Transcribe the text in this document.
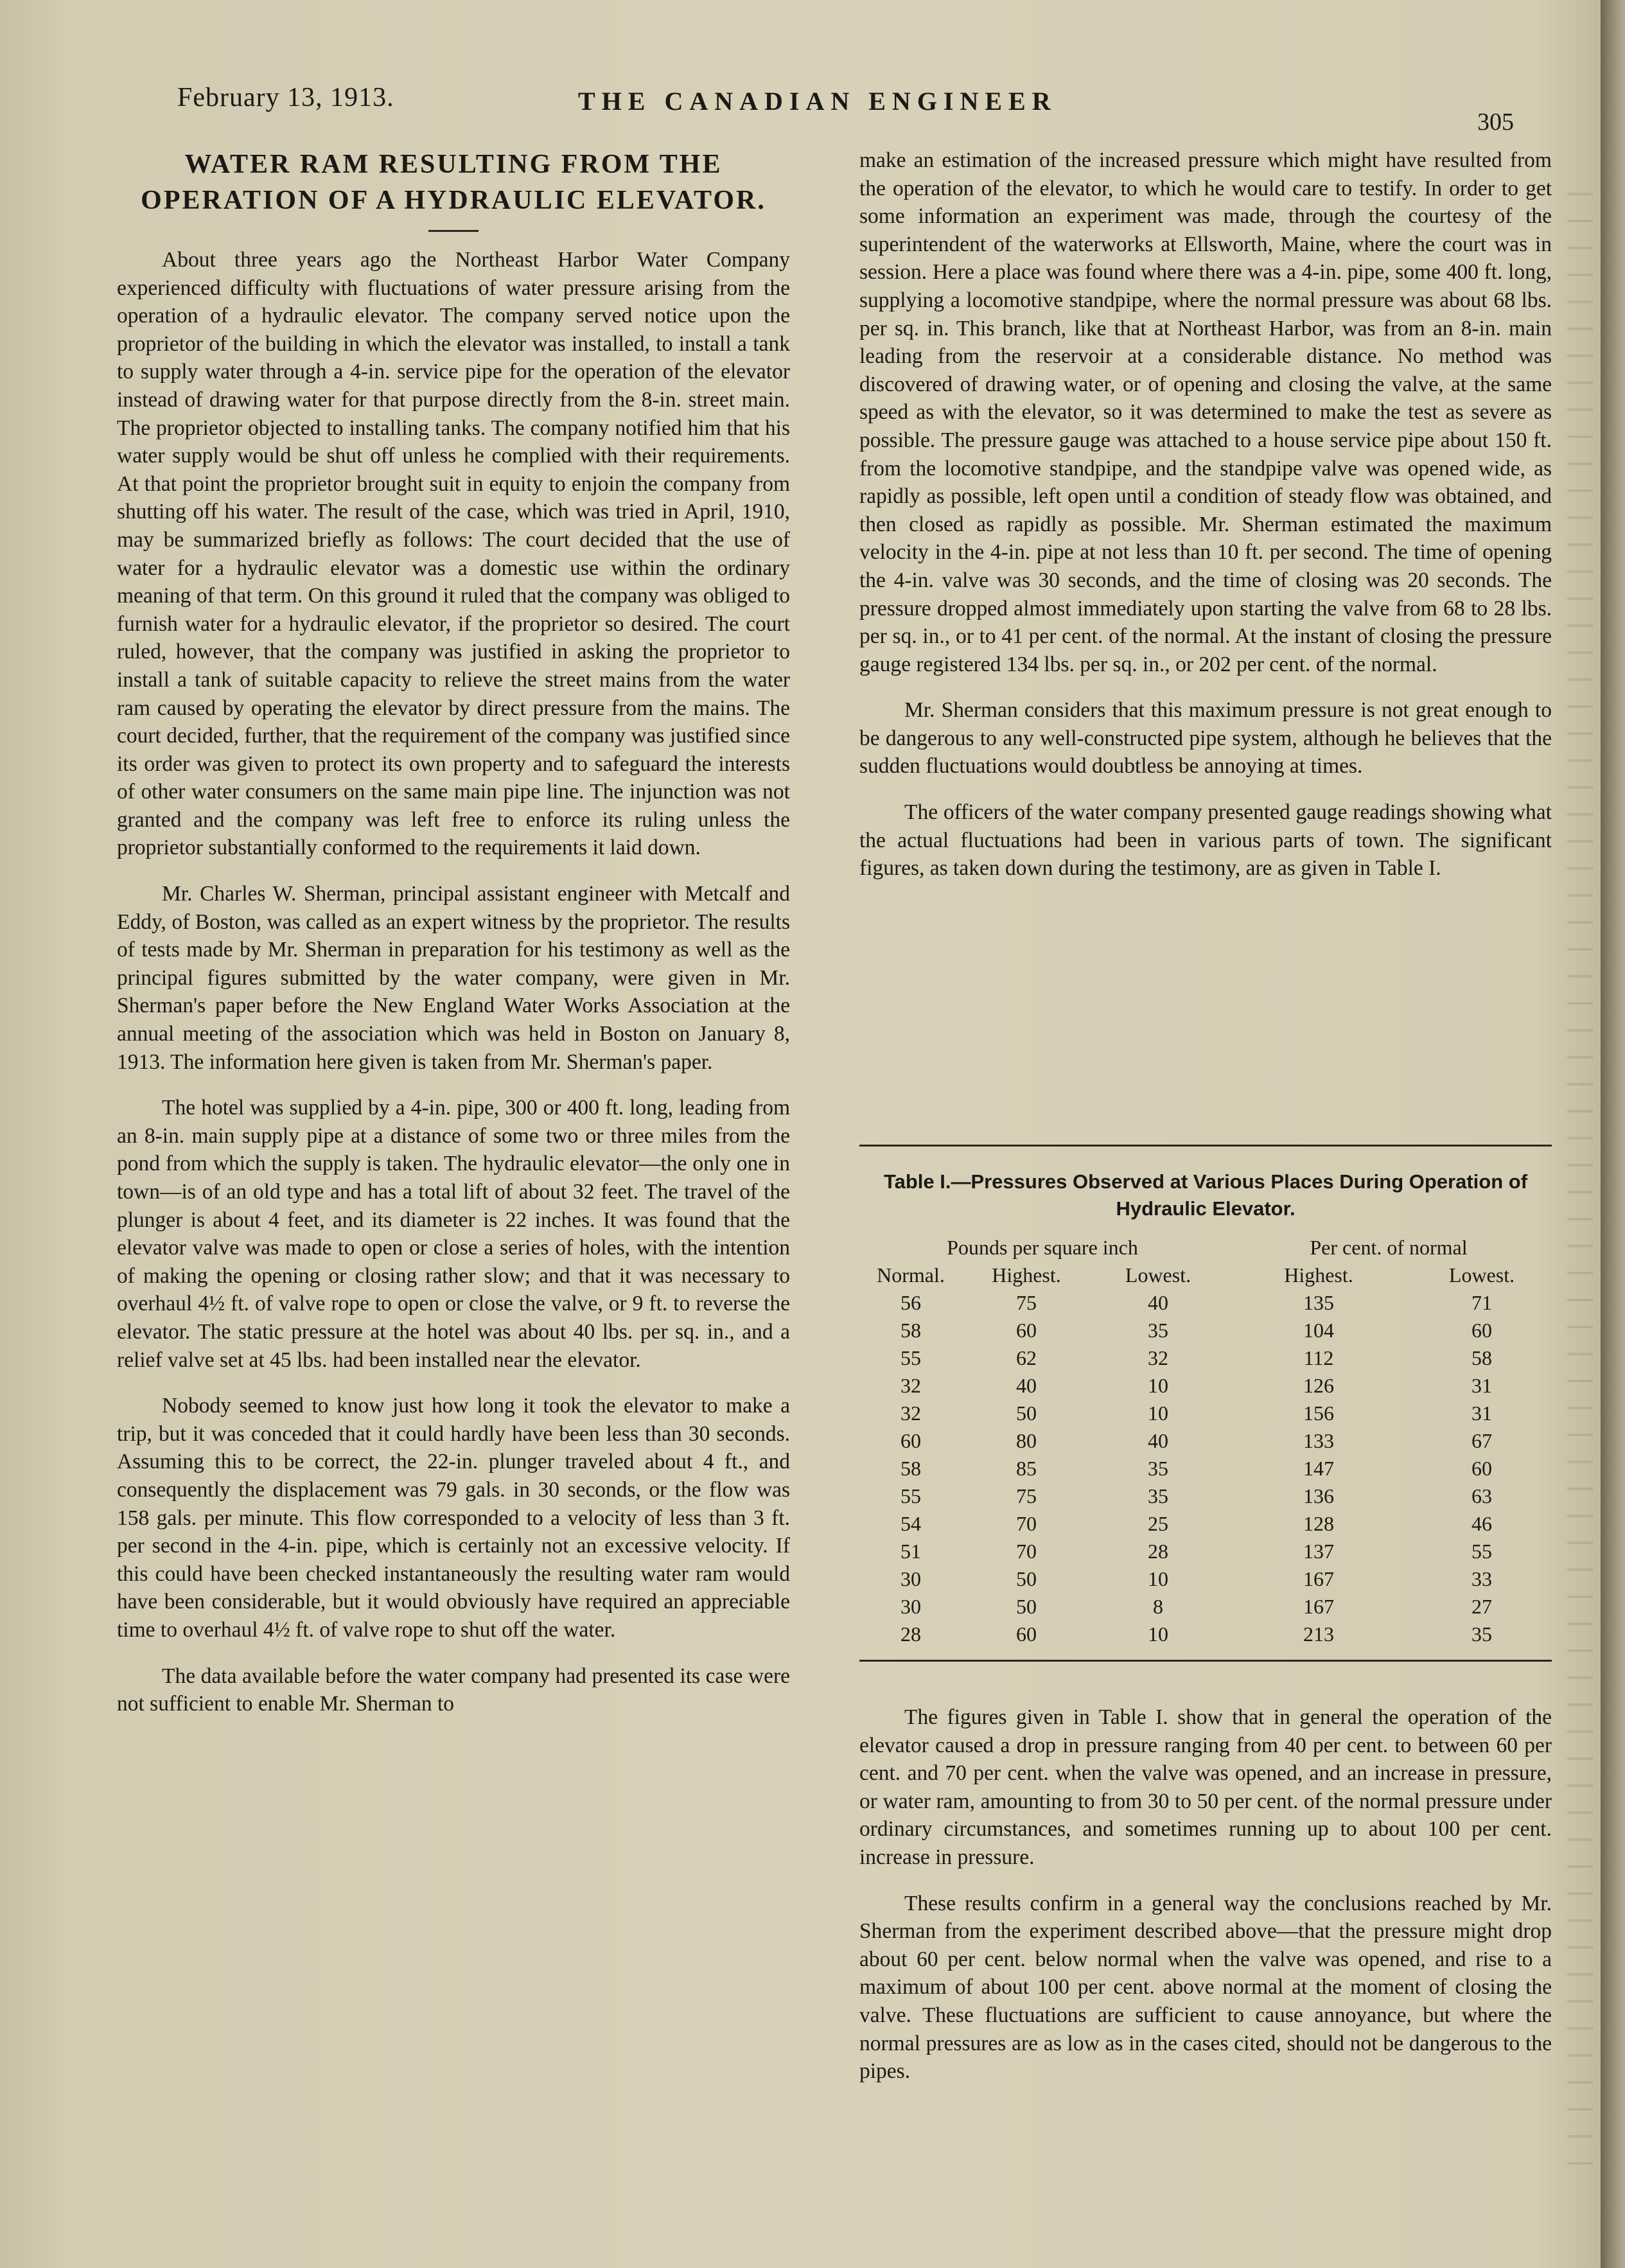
February 13, 1913.	THE CANADIAN ENGINEER
305
WATER RAM RESULTING FROM THE OPERATION OF A HYDRAULIC ELEVATOR.

About three years ago the Northeast Harbor Water Company experienced difficulty with fluctuations of water pressure arising from the operation of a hydraulic elevator. The company served notice upon the proprietor of the building in which the elevator was installed, to install a tank to supply water through a 4-in. service pipe for the operation of the elevator instead of drawing water for that purpose directly from the 8-in. street main. The proprietor objected to installing tanks. The company notified him that his water supply would be shut off unless he complied with their requirements. At that point the proprietor brought suit in equity to enjoin the company from shutting off his water. The result of the case, which was tried in April, 1910, may be summarized briefly as follows: The court decided that the use of water for a hydraulic elevator was a domestic use within the ordinary meaning of that term. On this ground it ruled that the company was obliged to furnish water for a hydraulic elevator, if the proprietor so desired. The court ruled, however, that the company was justified in asking the proprietor to install a tank of suitable capacity to relieve the street mains from the water ram caused by operating the elevator by direct pressure from the mains. The court decided, further, that the requirement of the company was justified since its order was given to protect its own property and to safeguard the interests of other water consumers on the same main pipe line. The injunction was not granted and the company was left free to enforce its ruling unless the proprietor substantially conformed to the requirements it laid down.

Mr. Charles W. Sherman, principal assistant engineer with Metcalf and Eddy, of Boston, was called as an expert witness by the proprietor. The results of tests made by Mr. Sherman in preparation for his testimony as well as the principal figures submitted by the water company, were given in Mr. Sherman's paper before the New England Water Works Association at the annual meeting of the association which was held in Boston on January 8, 1913. The information here given is taken from Mr. Sherman's paper.

The hotel was supplied by a 4-in. pipe, 300 or 400 ft. long, leading from an 8-in. main supply pipe at a distance of some two or three miles from the pond from which the supply is taken. The hydraulic elevator—the only one in town—is of an old type and has a total lift of about 32 feet. The travel of the plunger is about 4 feet, and its diameter is 22 inches. It was found that the elevator valve was made to open or close a series of holes, with the intention of making the opening or closing rather slow; and that it was necessary to overhaul 4½ ft. of valve rope to open or close the valve, or 9 ft. to reverse the elevator. The static pressure at the hotel was about 40 lbs. per sq. in., and a relief valve set at 45 lbs. had been installed near the elevator.

Nobody seemed to know just how long it took the elevator to make a trip, but it was conceded that it could hardly have been less than 30 seconds. Assuming this to be correct, the 22-in. plunger traveled about 4 ft., and consequently the displacement was 79 gals. in 30 seconds, or the flow was 158 gals. per minute. This flow corresponded to a velocity of less than 3 ft. per second in the 4-in. pipe, which is certainly not an excessive velocity. If this could have been checked instantaneously the resulting water ram would have been considerable, but it would obviously have required an appreciable time to overhaul 4½ ft. of valve rope to shut off the water.

The data available before the water company had presented its case were not sufficient to enable Mr. Sherman to

make an estimation of the increased pressure which might have resulted from the operation of the elevator, to which he would care to testify. In order to get some information an experiment was made, through the courtesy of the superintendent of the waterworks at Ellsworth, Maine, where the court was in session. Here a place was found where there was a 4-in. pipe, some 400 ft. long, supplying a locomotive standpipe, where the normal pressure was about 68 lbs. per sq. in. This branch, like that at Northeast Harbor, was from an 8-in. main leading from the reservoir at a considerable distance. No method was discovered of drawing water, or of opening and closing the valve, at the same speed as with the elevator, so it was determined to make the test as severe as possible. The pressure gauge was attached to a house service pipe about 150 ft. from the locomotive standpipe, and the standpipe valve was opened wide, as rapidly as possible, left open until a condition of steady flow was obtained, and then closed as rapidly as possible. Mr. Sherman estimated the maximum velocity in the 4-in. pipe at not less than 10 ft. per second. The time of opening the 4-in. valve was 30 seconds, and the time of closing was 20 seconds. The pressure dropped almost immediately upon starting the valve from 68 to 28 lbs. per sq. in., or to 41 per cent. of the normal. At the instant of closing the pressure gauge registered 134 lbs. per sq. in., or 202 per cent. of the normal.

Mr. Sherman considers that this maximum pressure is not great enough to be dangerous to any well-constructed pipe system, although he believes that the sudden fluctuations would doubtless be annoying at times.

The officers of the water company presented gauge readings showing what the actual fluctuations had been in various parts of town. The significant figures, as taken down during the testimony, are as given in Table I.

Table I.—Pressures Observed at Various Places During Operation of Hydraulic Elevator.

Pounds per square inch			Per cent. of normal	
Normal.	Highest.	Lowest.	Highest.	Lowest.
56	75	40	135	71
58	60	35	104	60
55	62	32	112	58
32	40	10	126	31
32	50	10	156	31
60	80	40	133	67
58	85	35	147	60
55	75	35	136	63
54	70	25	128	46
51	70	28	137	55
30	50	10	167	33
30	50	8	167	27
28	60	10	213	35

The figures given in Table I. show that in general the operation of the elevator caused a drop in pressure ranging from 40 per cent. to between 60 per cent. and 70 per cent. when the valve was opened, and an increase in pressure, or water ram, amounting to from 30 to 50 per cent. of the normal pressure under ordinary circumstances, and sometimes running up to about 100 per cent. increase in pressure.

These results confirm in a general way the conclusions reached by Mr. Sherman from the experiment described above—that the pressure might drop about 60 per cent. below normal when the valve was opened, and rise to a maximum of about 100 per cent. above normal at the moment of closing the valve. These fluctuations are sufficient to cause annoyance, but where the normal pressures are as low as in the cases cited, should not be dangerous to the pipes.
